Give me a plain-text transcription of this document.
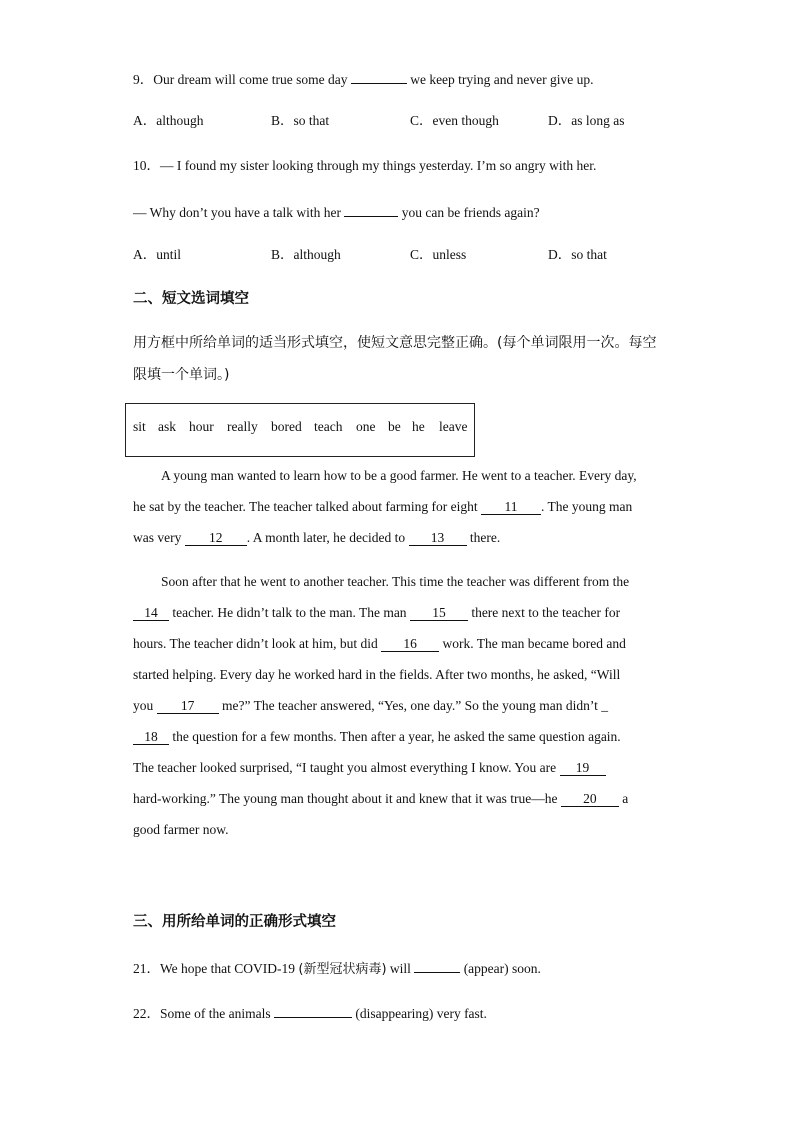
9．Our dream will come true some day	we keep trying and never give up.
A．although	B．so that	C．even though	D．as long as
10．— I found my sister looking through my things yesterday. I’m so angry with her.
— Why don’t you have a talk with her	you can be friends again?
A．until	B．although	C．unless	D．so that
二、短文选词填空
用方框中所给单词的适当形式填空，使短文意思完整正确。(每个单词限用一次。每空
限填一个单词。)
sit ask hour really bored teach one be he leave
A young man wanted to learn how to be a good farmer. He went to a teacher. Every day,
he sat by the teacher. The teacher talked about farming for eight 11 . The young man
was very 12 . A month later, he decided to 13 there.
Soon after that he went to another teacher. This time the teacher was different from the
14 teacher. He didn’t talk to the man. The man 15 there next to the teacher for
hours. The teacher didn’t look at him, but did 16 work. The man became bored and
started helping. Every day he worked hard in the fields. After two months, he asked, “Will
you 17 me?” The teacher answered, “Yes, one day.” So the young man didn’t _
18 the question for a few months. Then after a year, he asked the same question again.
The teacher looked surprised, “I taught you almost everything I know. You are 19
hard-working.” The young man thought about it and knew that it was true—he 20 a
good farmer now.
三、用所给单词的正确形式填空
21．We hope that COVID-19 (新型冠状病毒) will	(appear) soon.
22．Some of the animals	(disappearing) very fast.
